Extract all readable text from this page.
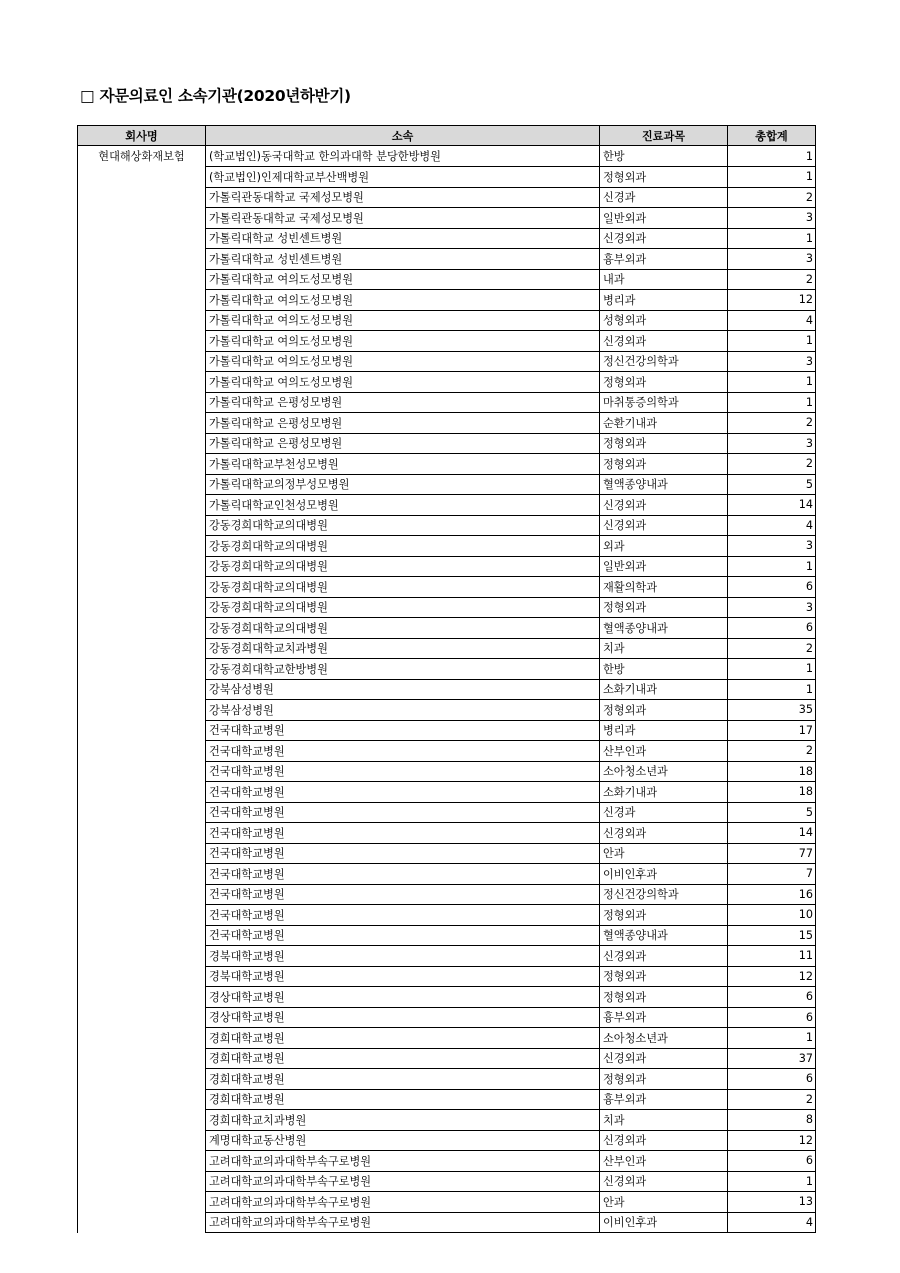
□ 자문의료인 소속기관(2020년하반기)
회사명	소속	진료과목	총합계
현대해상화재보험	(학교법인)동국대학교 한의과대학 분당한방병원	한방	1
	(학교법인)인제대학교부산백병원	정형외과	1
	가톨릭관동대학교 국제성모병원	신경과	2
	가톨릭관동대학교 국제성모병원	일반외과	3
	가톨릭대학교 성빈센트병원	신경외과	1
	가톨릭대학교 성빈센트병원	흉부외과	3
	가톨릭대학교 여의도성모병원	내과	2
	가톨릭대학교 여의도성모병원	병리과	12
	가톨릭대학교 여의도성모병원	성형외과	4
	가톨릭대학교 여의도성모병원	신경외과	1
	가톨릭대학교 여의도성모병원	정신건강의학과	3
	가톨릭대학교 여의도성모병원	정형외과	1
	가톨릭대학교 은평성모병원	마취통증의학과	1
	가톨릭대학교 은평성모병원	순환기내과	2
	가톨릭대학교 은평성모병원	정형외과	3
	가톨릭대학교부천성모병원	정형외과	2
	가톨릭대학교의정부성모병원	혈액종양내과	5
	가톨릭대학교인천성모병원	신경외과	14
	강동경희대학교의대병원	신경외과	4
	강동경희대학교의대병원	외과	3
	강동경희대학교의대병원	일반외과	1
	강동경희대학교의대병원	재활의학과	6
	강동경희대학교의대병원	정형외과	3
	강동경희대학교의대병원	혈액종양내과	6
	강동경희대학교치과병원	치과	2
	강동경희대학교한방병원	한방	1
	강북삼성병원	소화기내과	1
	강북삼성병원	정형외과	35
	건국대학교병원	병리과	17
	건국대학교병원	산부인과	2
	건국대학교병원	소아청소년과	18
	건국대학교병원	소화기내과	18
	건국대학교병원	신경과	5
	건국대학교병원	신경외과	14
	건국대학교병원	안과	77
	건국대학교병원	이비인후과	7
	건국대학교병원	정신건강의학과	16
	건국대학교병원	정형외과	10
	건국대학교병원	혈액종양내과	15
	경북대학교병원	신경외과	11
	경북대학교병원	정형외과	12
	경상대학교병원	정형외과	6
	경상대학교병원	흉부외과	6
	경희대학교병원	소아청소년과	1
	경희대학교병원	신경외과	37
	경희대학교병원	정형외과	6
	경희대학교병원	흉부외과	2
	경희대학교치과병원	치과	8
	계명대학교동산병원	신경외과	12
	고려대학교의과대학부속구로병원	산부인과	6
	고려대학교의과대학부속구로병원	신경외과	1
	고려대학교의과대학부속구로병원	안과	13
	고려대학교의과대학부속구로병원	이비인후과	4
